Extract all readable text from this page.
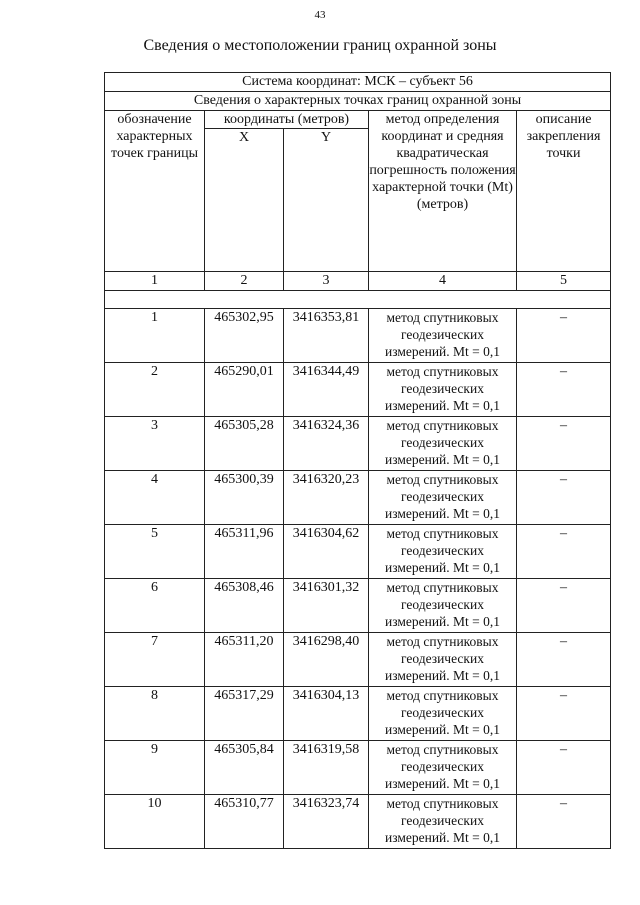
43
Сведения о местоположении границ охранной зоны
Система координат: МСК – субъект 56				
Сведения о характерных точках границ охранной зоны				
обозначение характерных точек границы	координаты (метров)		метод определения координат и средняя квадратическая погрешность положения характерной точки (Mt) (метров)	описание закрепления точки
	X	Y		
1	2	3	4	5

1	465302,95	3416353,81	метод спутниковых геодезических измерений. Mt = 0,1	–
2	465290,01	3416344,49	метод спутниковых геодезических измерений. Mt = 0,1	–
3	465305,28	3416324,36	метод спутниковых геодезических измерений. Mt = 0,1	–
4	465300,39	3416320,23	метод спутниковых геодезических измерений. Mt = 0,1	–
5	465311,96	3416304,62	метод спутниковых геодезических измерений. Mt = 0,1	–
6	465308,46	3416301,32	метод спутниковых геодезических измерений. Mt = 0,1	–
7	465311,20	3416298,40	метод спутниковых геодезических измерений. Mt = 0,1	–
8	465317,29	3416304,13	метод спутниковых геодезических измерений. Mt = 0,1	–
9	465305,84	3416319,58	метод спутниковых геодезических измерений. Mt = 0,1	–
10	465310,77	3416323,74	метод спутниковых геодезических измерений. Mt = 0,1	–
